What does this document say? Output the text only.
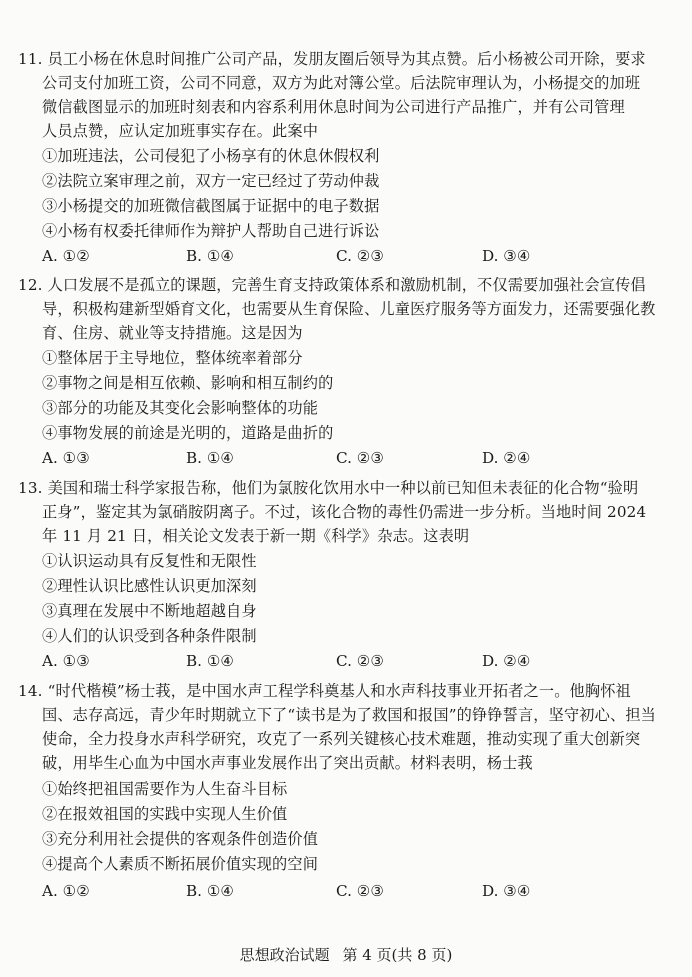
11. 员工小杨在休息时间推广公司产品，发朋友圈后领导为其点赞。后小杨被公司开除，要求
公司支付加班工资，公司不同意，双方为此对簿公堂。后法院审理认为，小杨提交的加班
微信截图显示的加班时刻表和内容系利用休息时间为公司进行产品推广，并有公司管理
人员点赞，应认定加班事实存在。此案中
①加班违法，公司侵犯了小杨享有的休息休假权利
②法院立案审理之前，双方一定已经过了劳动仲裁
③小杨提交的加班微信截图属于证据中的电子数据
④小杨有权委托律师作为辩护人帮助自己进行诉讼
A. ①②	B. ①④	C. ②③	D. ③④
12. 人口发展不是孤立的课题，完善生育支持政策体系和激励机制，不仅需要加强社会宣传倡
导，积极构建新型婚育文化，也需要从生育保险、儿童医疗服务等方面发力，还需要强化教
育、住房、就业等支持措施。这是因为
①整体居于主导地位，整体统率着部分
②事物之间是相互依赖、影响和相互制约的
③部分的功能及其变化会影响整体的功能
④事物发展的前途是光明的，道路是曲折的
A. ①③	B. ①④	C. ②③	D. ②④
13. 美国和瑞士科学家报告称，他们为氯胺化饮用水中一种以前已知但未表征的化合物“验明
正身”，鉴定其为氯硝胺阴离子。不过，该化合物的毒性仍需进一步分析。当地时间 2024
年 11 月 21 日，相关论文发表于新一期《科学》杂志。这表明
①认识运动具有反复性和无限性
②理性认识比感性认识更加深刻
③真理在发展中不断地超越自身
④人们的认识受到各种条件限制
A. ①③	B. ①④	C. ②③	D. ②④
14. “时代楷模”杨士莪，是中国水声工程学科奠基人和水声科技事业开拓者之一。他胸怀祖
国、志存高远，青少年时期就立下了“读书是为了救国和报国”的铮铮誓言，坚守初心、担当
使命，全力投身水声科学研究，攻克了一系列关键核心技术难题，推动实现了重大创新突
破，用毕生心血为中国水声事业发展作出了突出贡献。材料表明，杨士莪
①始终把祖国需要作为人生奋斗目标
②在报效祖国的实践中实现人生价值
③充分利用社会提供的客观条件创造价值
④提高个人素质不断拓展价值实现的空间
A. ①②	B. ①④	C. ②③	D. ③④
思想政治试题 第 4 页(共 8 页)
